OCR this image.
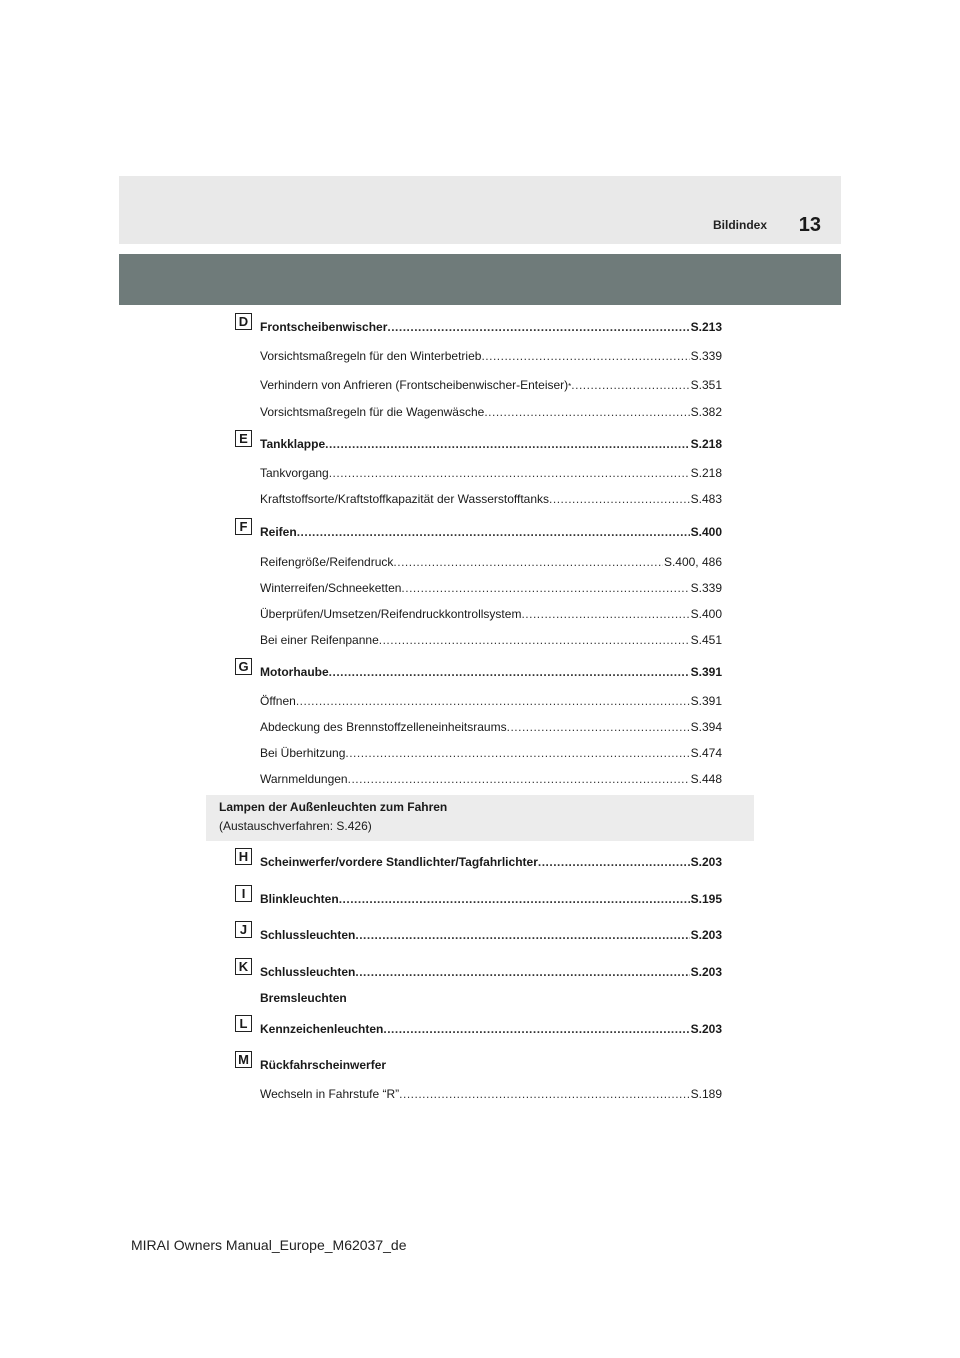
Bildindex 13
Lampen der Außenleuchten zum Fahren
(Austauschverfahren: S.426)
D Frontscheibenwischer .....	S.213
Vorsichtsmaßregeln für den Winterbetrieb .....	S.339
Verhindern von Anfrieren (Frontscheibenwischer-Enteiser) * .....	S.351
Vorsichtsmaßregeln für die Wagenwäsche .....	S.382
E	Tankklappe .....	S.218
Tankvorgang .....	S.218
Kraftstoffsorte/Kraftstoffkapazität der Wasserstofftanks .....	S.483
F	Reifen .....	S.400
Reifengröße/Reifendruck .....	S.400, 486
Winterreifen/Schneeketten .....	S.339
Überprüfen/Umsetzen/Reifendruckkontrollsystem .....	S.400
Bei einer Reifenpanne .....	S.451
G Motorhaube .....	S.391
Öffnen .....	S.391
Abdeckung des Brennstoffzelleneinheitsraums .....	S.394
Bei Überhitzung .....	S.474
Warnmeldungen .....	S.448
H Scheinwerfer/vordere Standlichter/Tagfahrlichter .....	S.203
I	Blinkleuchten .....	S.195
J	Schlussleuchten .....	S.203
K Schlussleuchten .....	S.203
Bremsleuchten
L	Kennzeichenleuchten .....	S.203
M Rückfahrscheinwerfer
Wechseln in Fahrstufe “R” .....	S.189
MIRAI Owners Manual_Europe_M62037_de
